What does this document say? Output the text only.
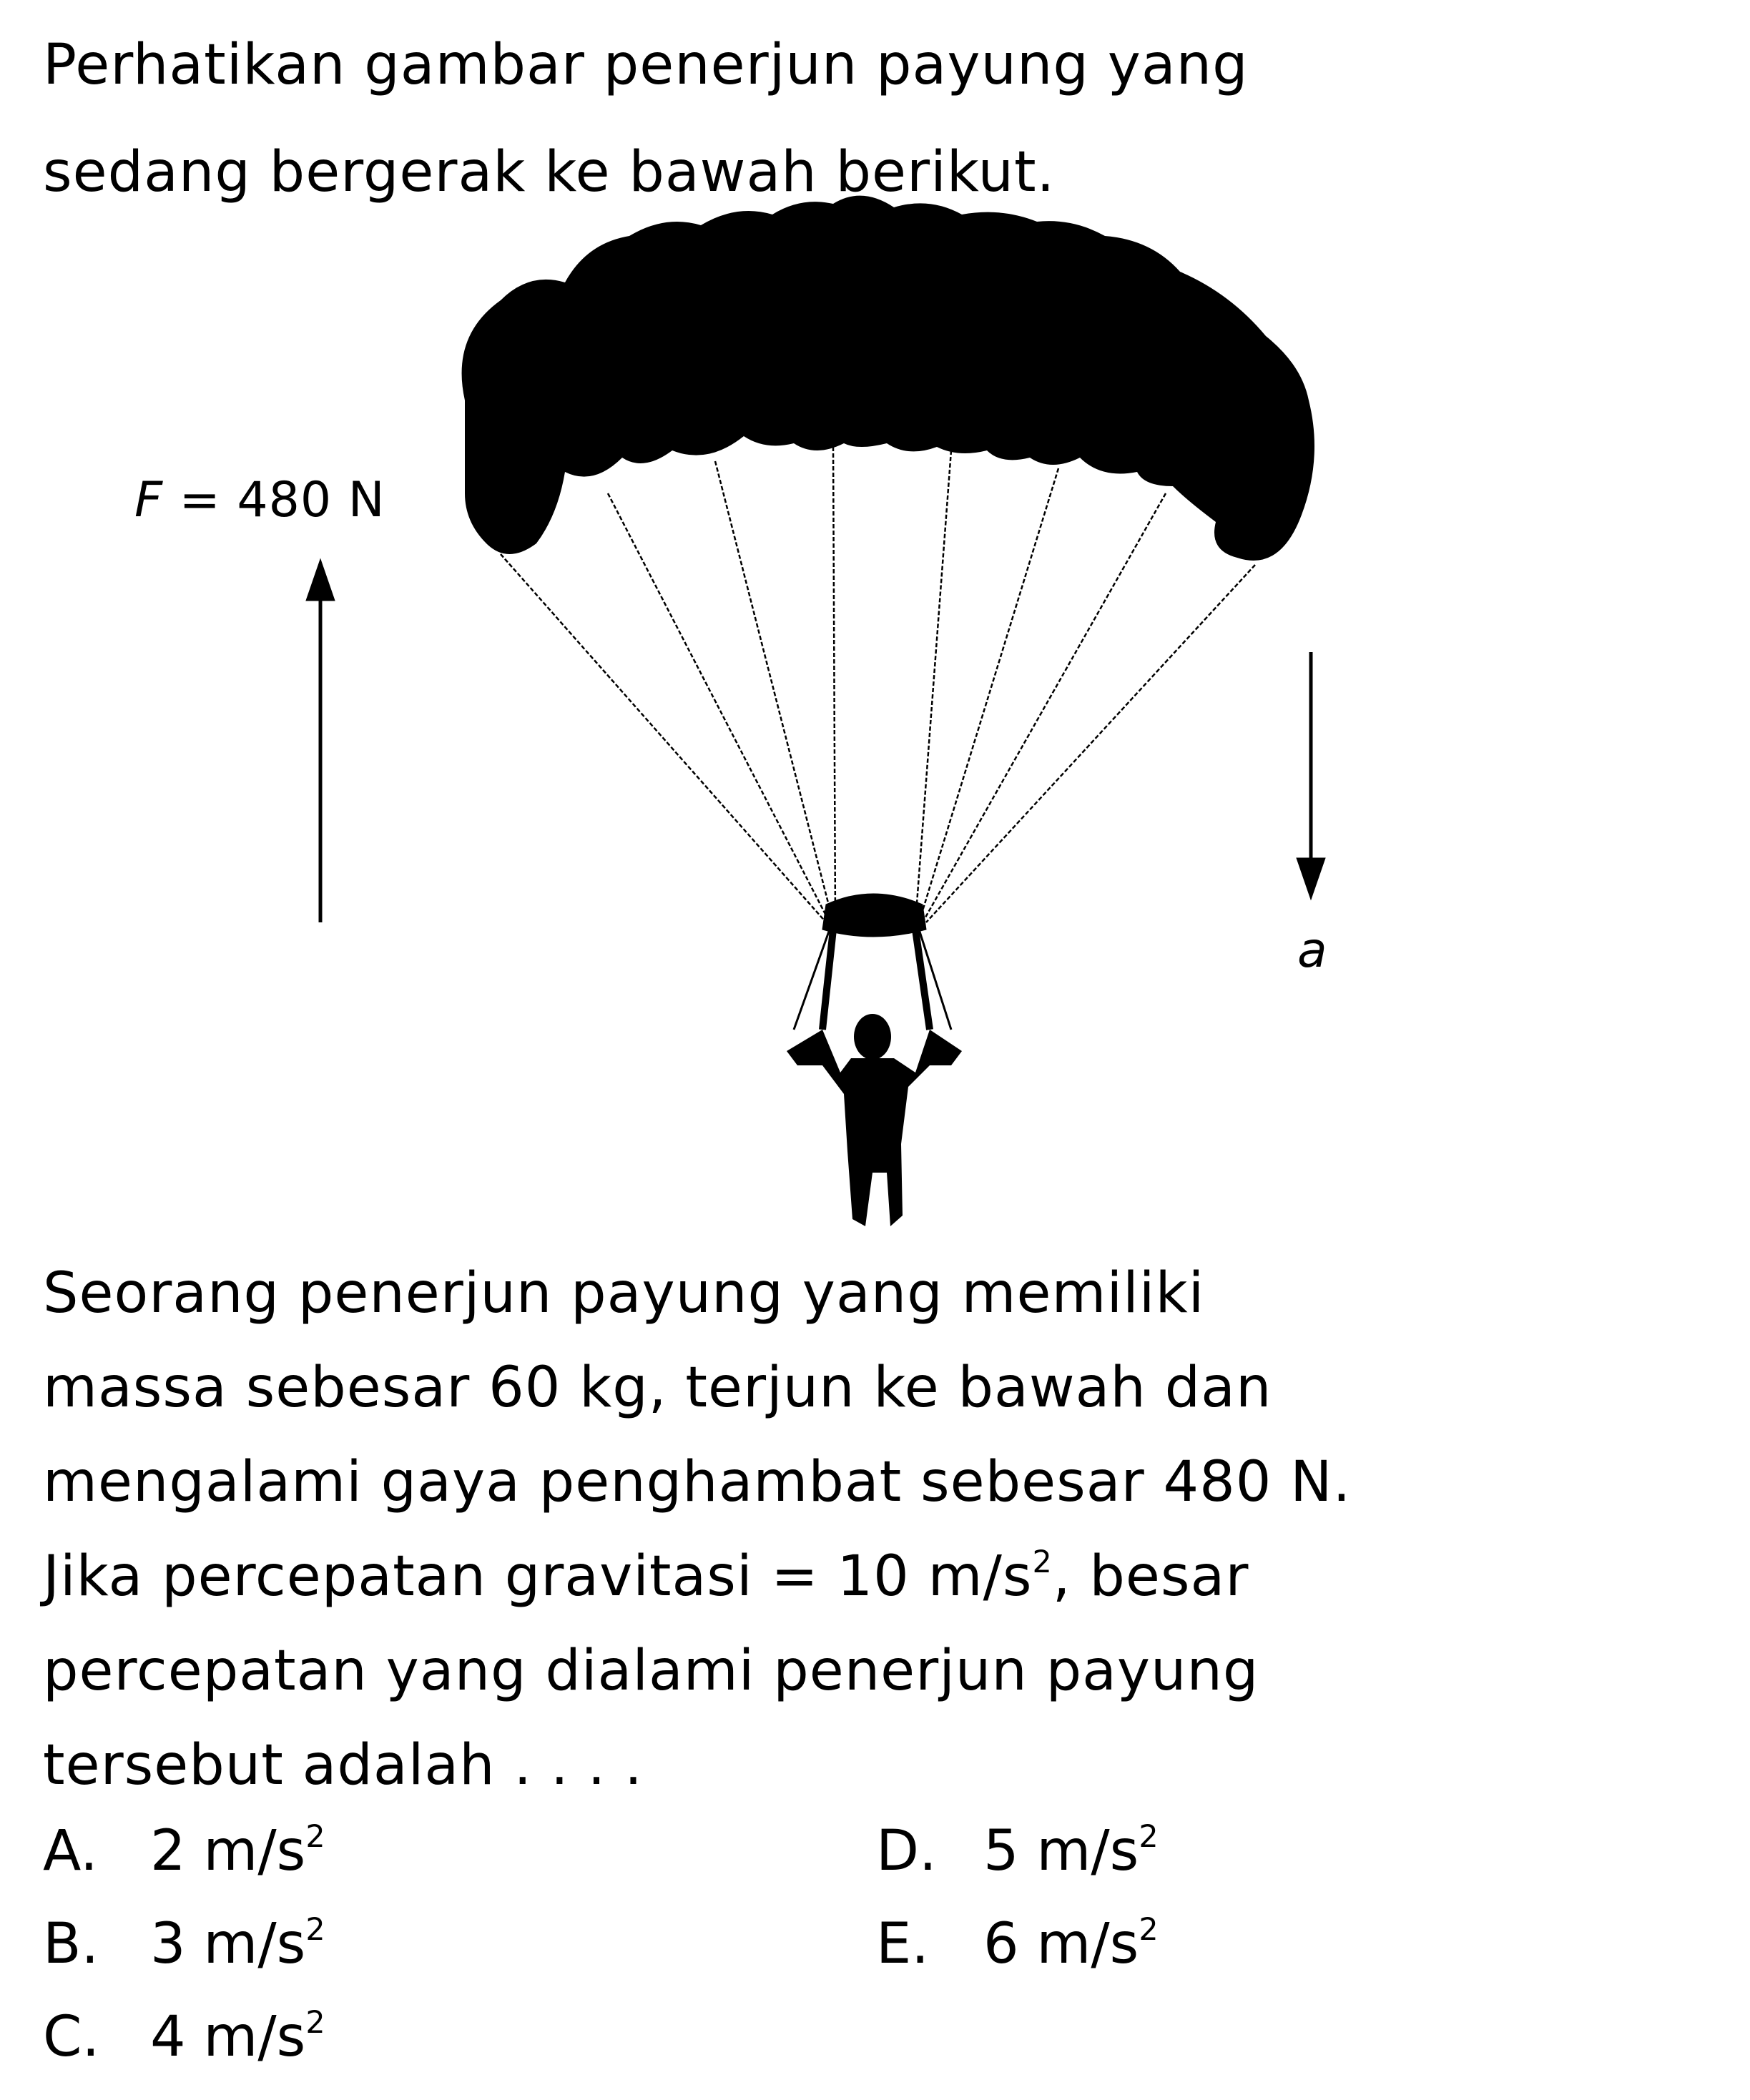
Perhatikan gambar penerjun payung yang
sedang bergerak ke bawah berikut.
F = 480 N
a
Seorang penerjun payung yang memiliki
massa sebesar 60 kg, terjun ke bawah dan
mengalami gaya penghambat sebesar 480 N.
Jika percepatan gravitasi = 10 $m/s^2$, besar
percepatan yang dialami penerjun payung
tersebut adalah . . . .
A. 2 $m/s^2$
B. 3 $m/s^2$
C. 4 $m/s^2$
D. 5 $m/s^2$
E. 6 $m/s^2$
